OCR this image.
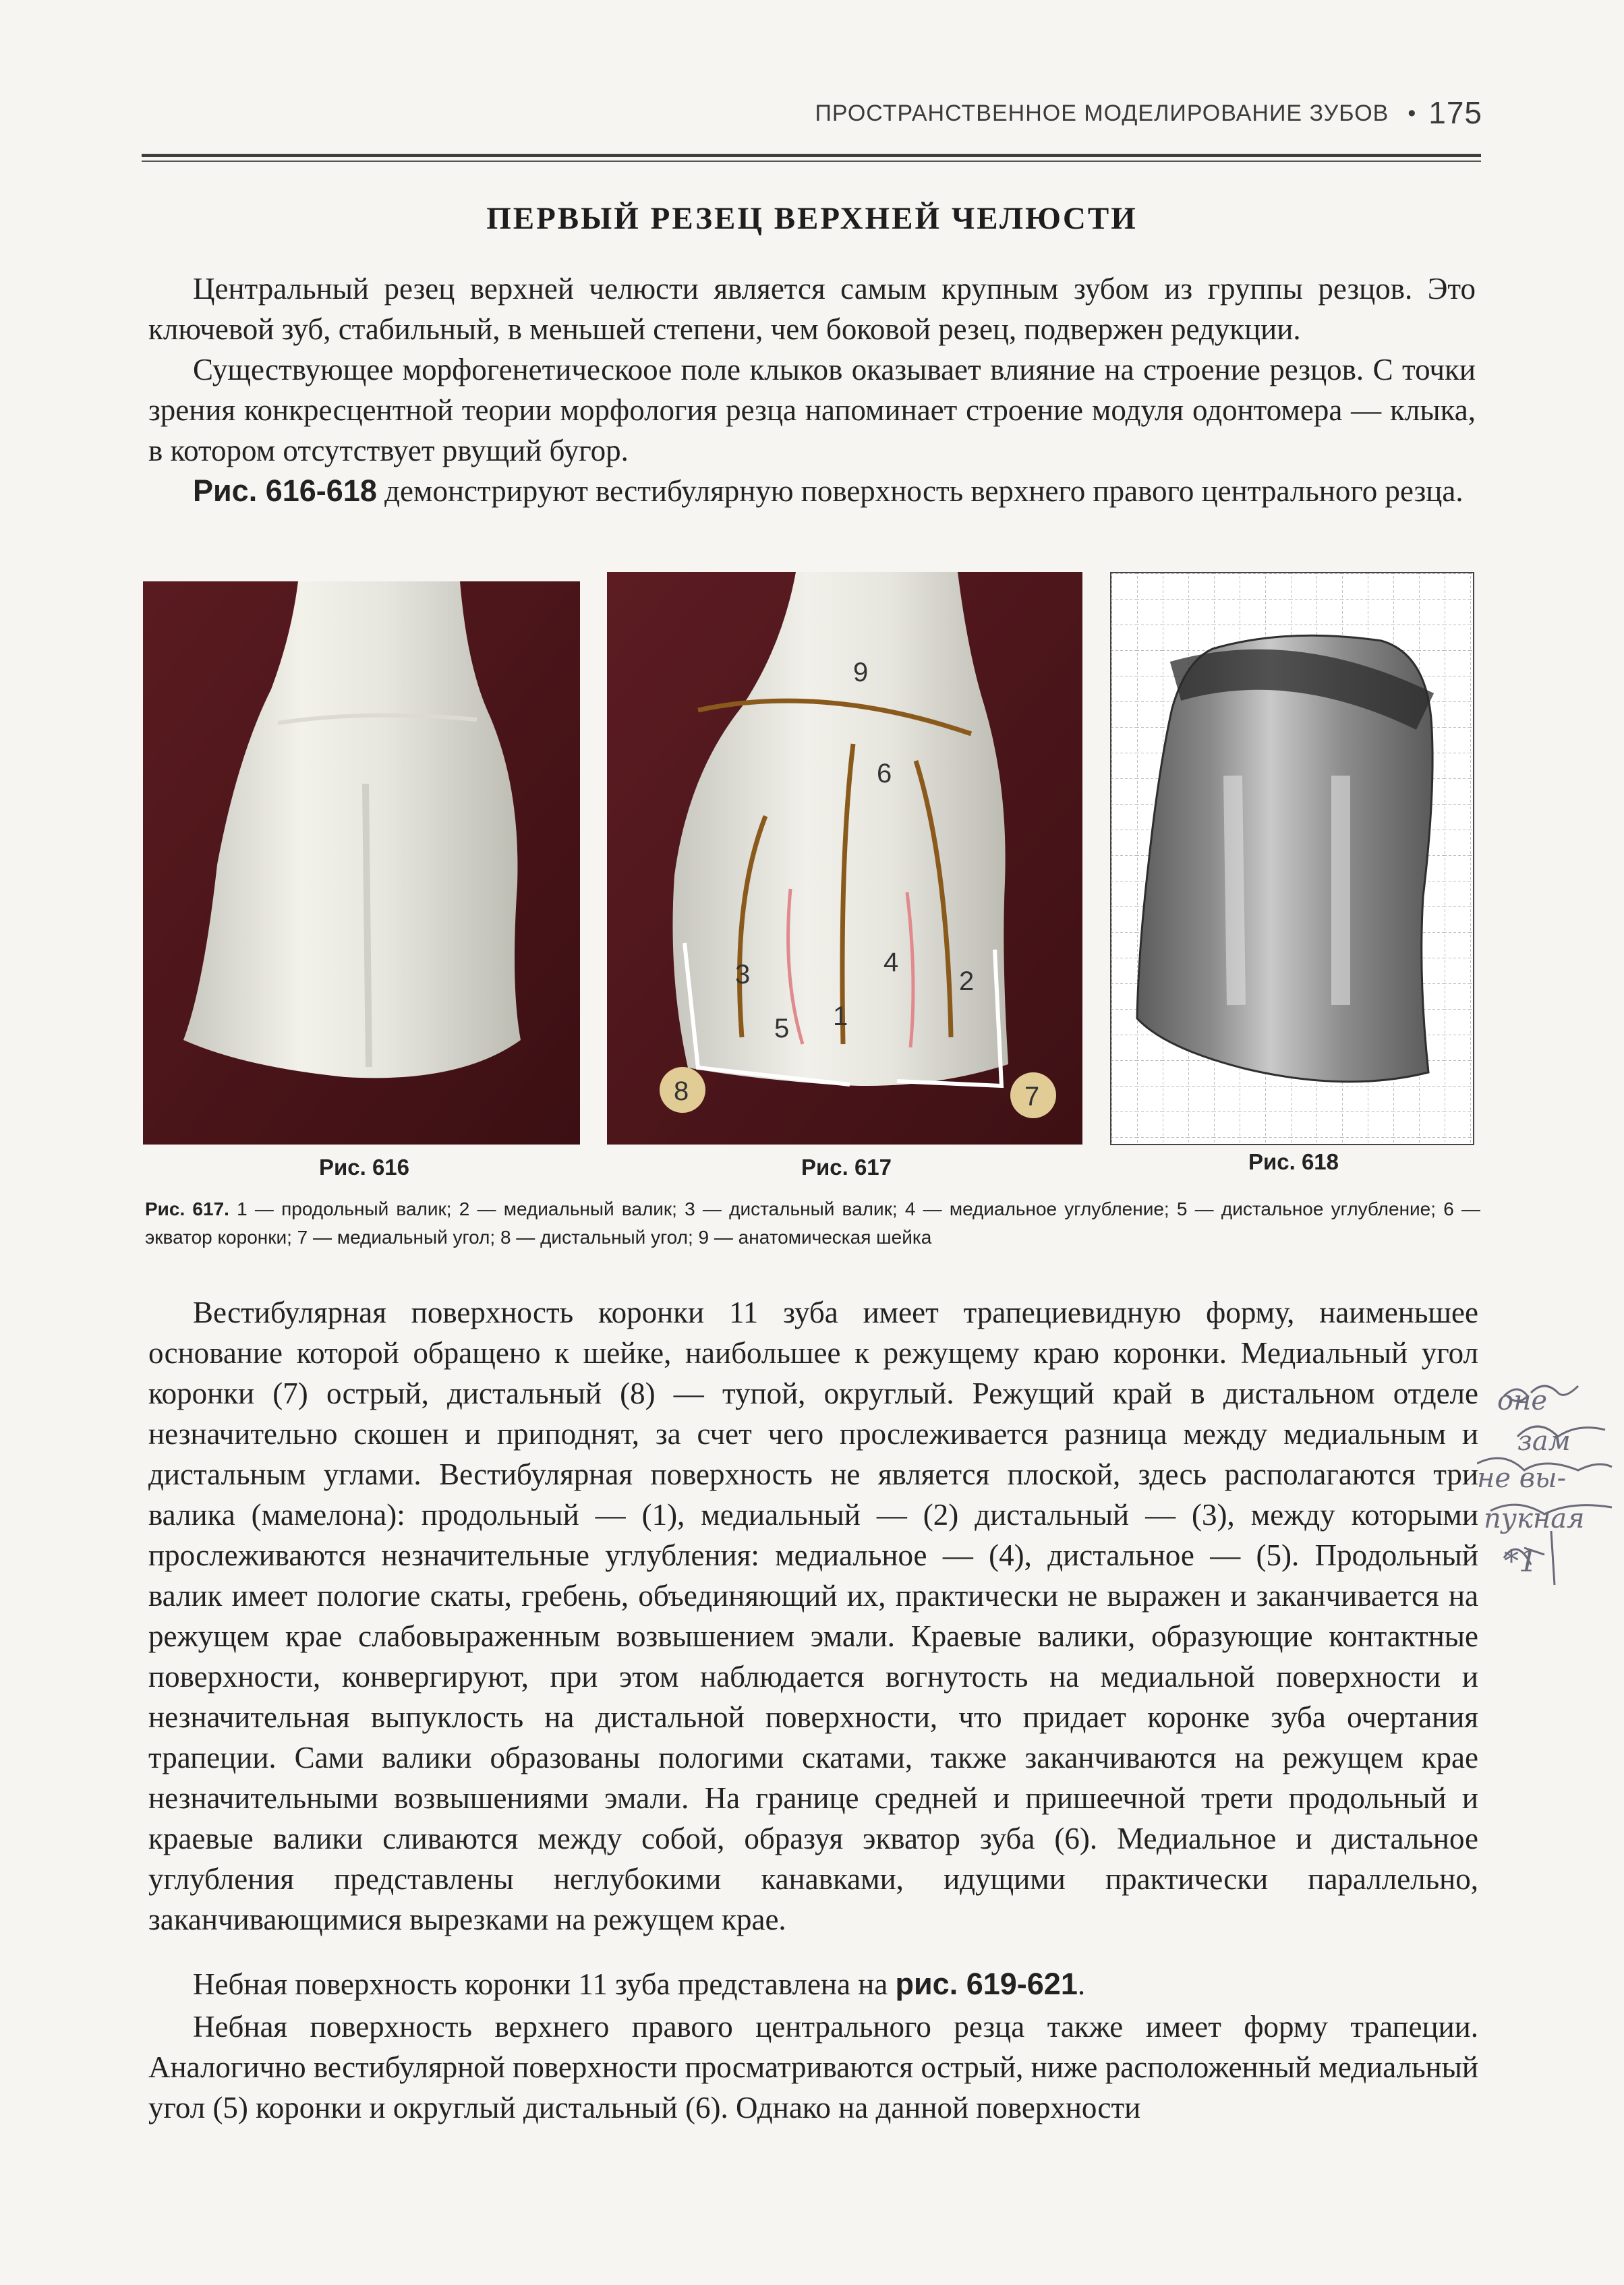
ПРОСТРАНСТВЕННОЕ МОДЕЛИРОВАНИЕ ЗУБОВ • 175
ПЕРВЫЙ РЕЗЕЦ ВЕРХНЕЙ ЧЕЛЮСТИ

Центральный резец верхней челюсти является самым крупным зубом из группы резцов. Это ключевой зуб, стабильный, в меньшей степени, чем боковой резец, подвержен редукции.

Существующее морфогенетическоое поле клыков оказывает влияние на строение резцов. С точки зрения конкресцентной теории морфология резца напоминает строение модуля одонтомера — клыка, в котором отсутствует рвущий бугор.

Рис. 616-618 демонстрируют вестибулярную поверхность верхнего правого центрального резца.

9
6
3	4
2
5 1
8	7
Рис. 616	Рис. 617	Рис. 618

Рис. 617. 1 — продольный валик; 2 — медиальный валик; 3 — дистальный валик; 4 — медиальное углубление; 5 — дистальное углубление; 6 — экватор коронки; 7 — медиальный угол; 8 — дистальный угол; 9 — анатомическая шейка

Вестибулярная поверхность коронки 11 зуба имеет трапециевидную форму, наименьшее основание которой обращено к шейке, наибольшее к режущему краю коронки. Медиальный угол коронки (7) острый, дистальный (8) — тупой, округлый. Режущий край в дистальном отделе незначительно скошен и приподнят, за счет чего прослеживается разница между медиальным и дистальным углами. Вестибулярная поверхность не является плоской, здесь располагаются три валика (мамелона): продольный — (1), медиальный — (2) дистальный — (3), между которыми прослеживаются незначительные углубления: медиальное — (4), дистальное — (5). Продольный валик имеет пологие скаты, гребень, объединяющий их, практически не выражен и заканчивается на режущем крае слабовыраженным возвышением эмали. Краевые валики, образующие контактные поверхности, конвергируют, при этом наблюдается вогнутость на медиальной поверхности и незначительная выпуклость на дистальной поверхности, что придает коронке зуба очертания трапеции. Сами валики образованы пологими скатами, также заканчиваются на режущем крае незначительными возвышениями эмали. На границе средней и пришеечной трети продольный и краевые валики сливаются между собой, образуя экватор зуба (6). Медиальное и дистальное углубления представлены неглубокими канавками, идущими практически параллельно, заканчивающимися вырезками на режущем крае.

Небная поверхность коронки 11 зуба представлена на рис. 619-621.

Небная поверхность верхнего правого центрального резца также имеет форму трапеции. Аналогично вестибулярной поверхности просматриваются острый, ниже расположенный медиальный угол (5) коронки и округлый дистальный (6). Однако на данной поверхности

оне
зам
не вы-
пукная
*1
